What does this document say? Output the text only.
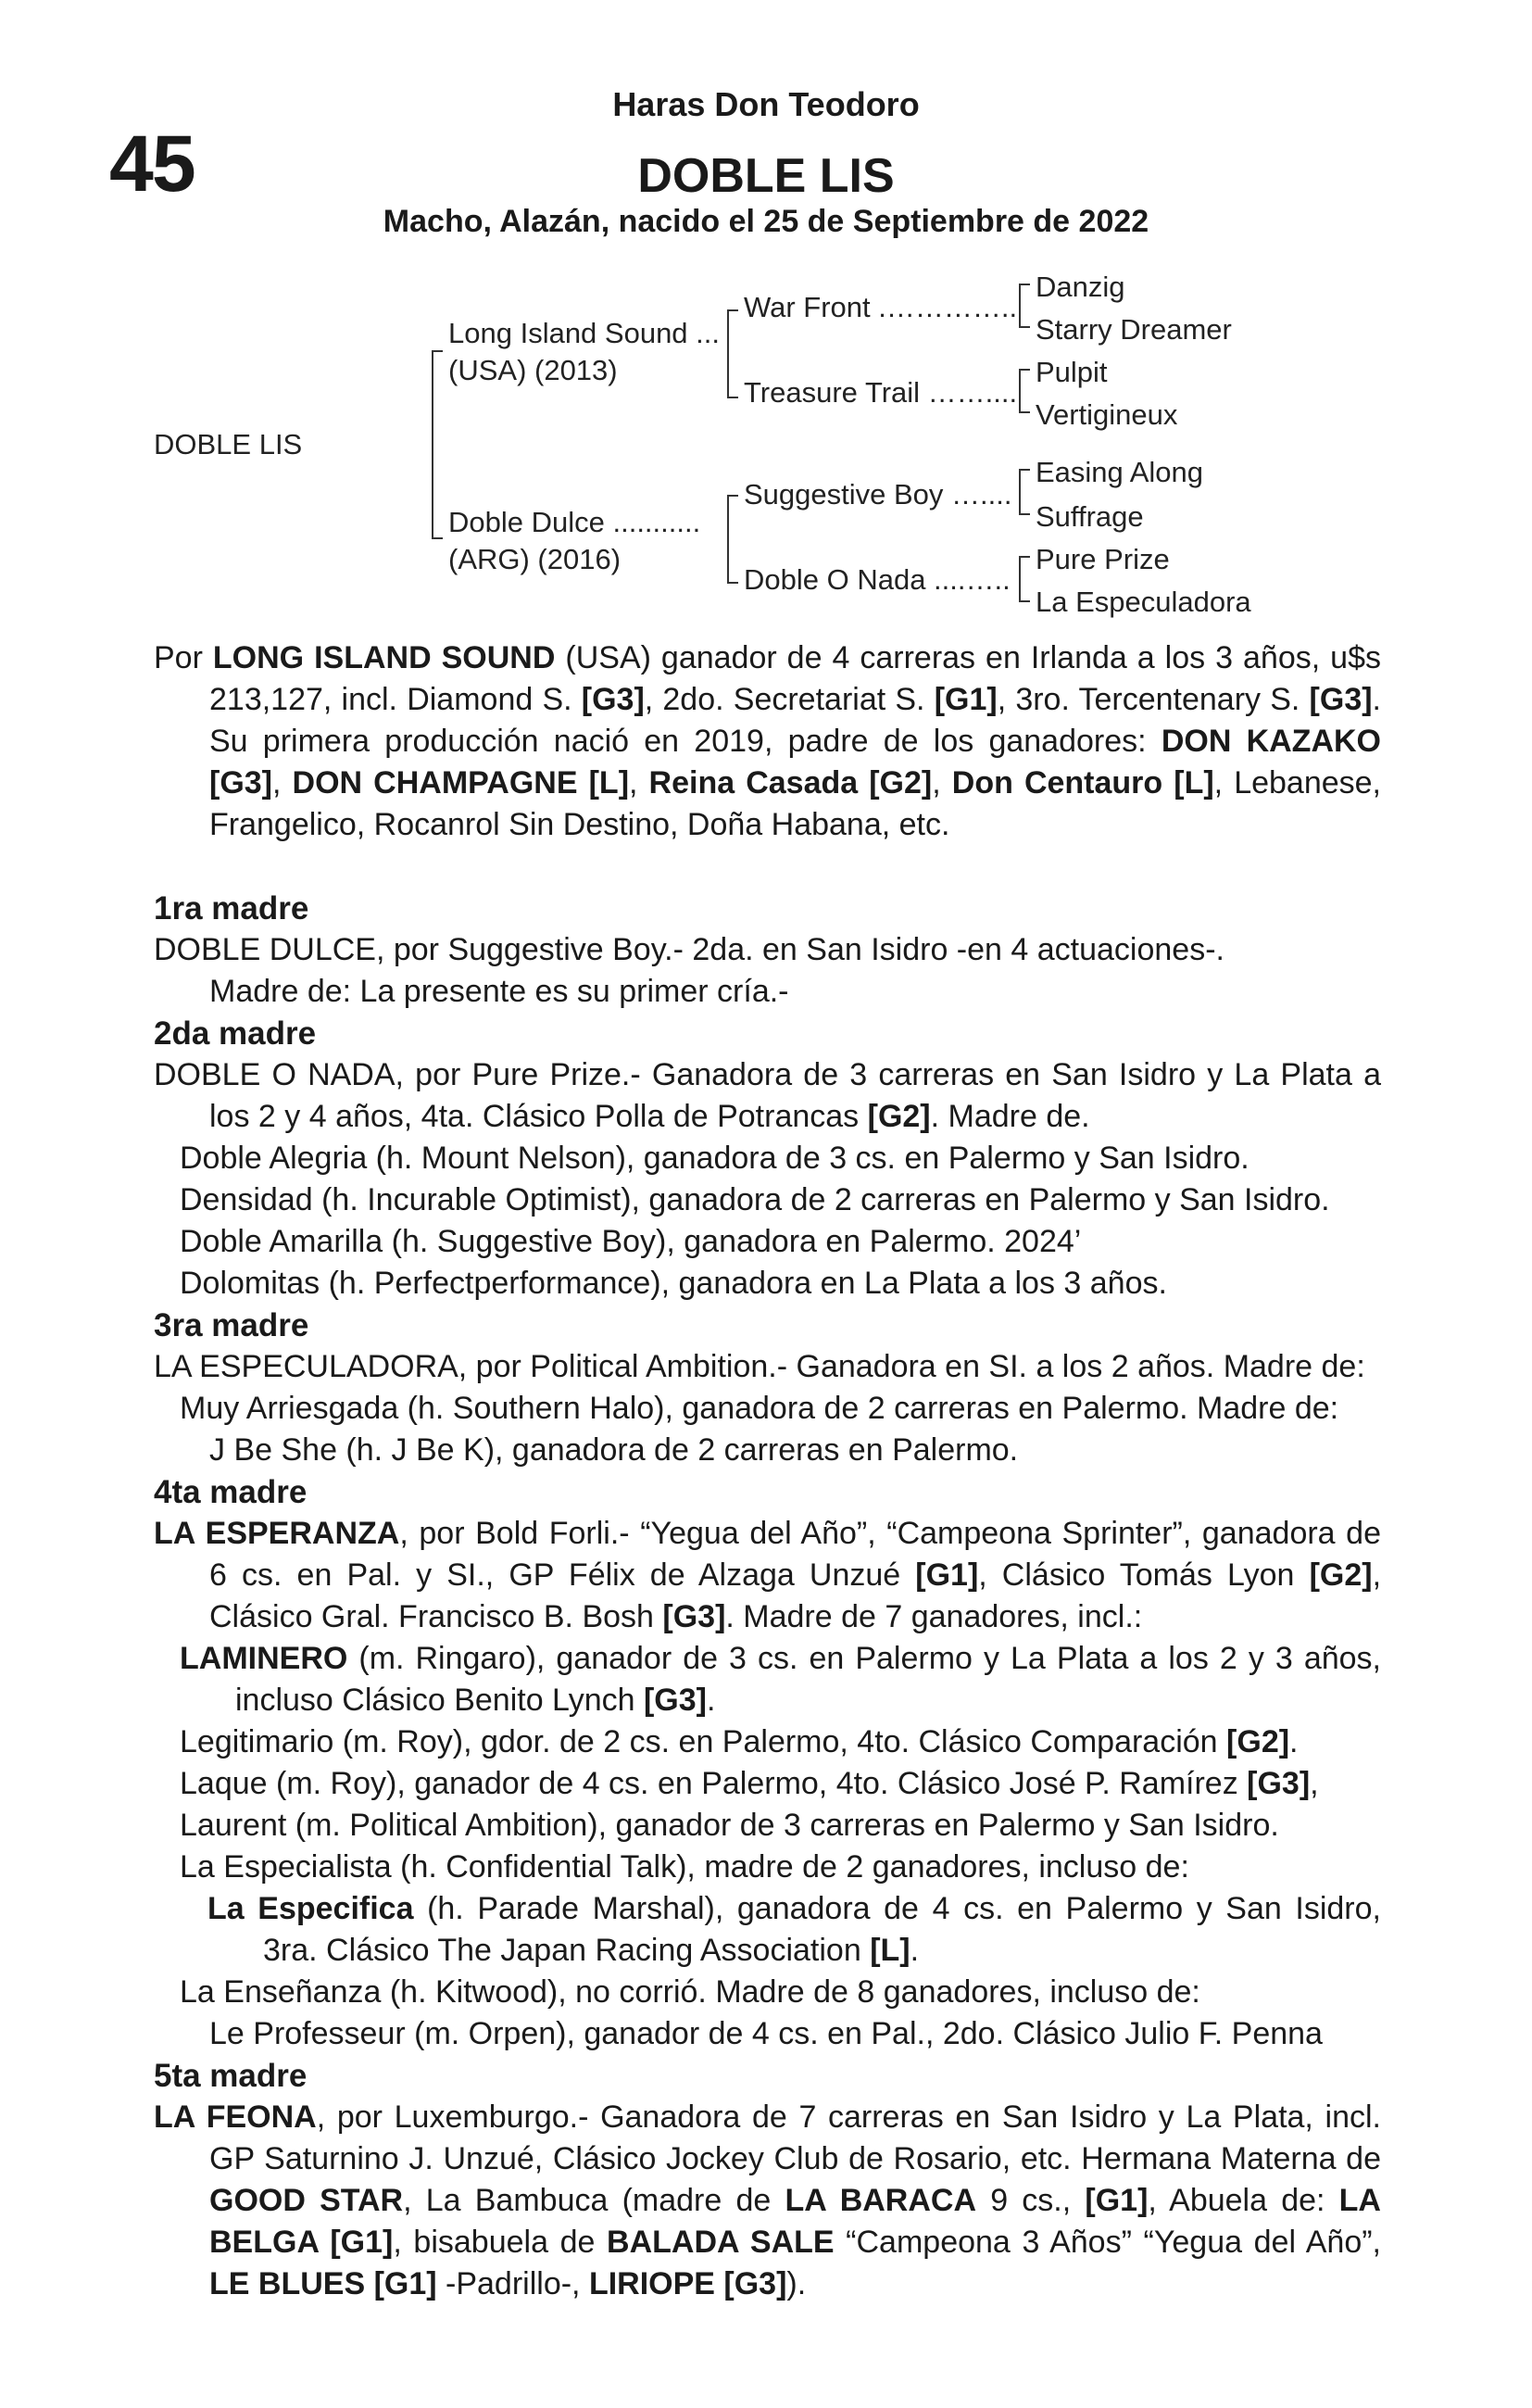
45
Haras Don Teodoro
DOBLE LIS
Macho, Alazán, nacido el 25 de Septiembre de 2022
DOBLE LIS
Long Island Sound ...
(USA) (2013)
Doble Dulce ...........
(ARG) (2016)
War Front .…………..
Treasure Trail ……....
Suggestive Boy …....
Doble O Nada ....…..
Danzig
Starry Dreamer
Pulpit
Vertigineux
Easing Along
Suffrage
Pure Prize
La Especuladora

Por LONG ISLAND SOUND (USA) ganador de 4 carreras en Irlanda a los 3 años, u$s 213,127, incl. Diamond S. [G3], 2do. Secretariat S. [G1], 3ro. Tercentenary S. [G3]. Su primera producción nació en 2019, padre de los ganadores: DON KAZAKO [G3], DON CHAMPAGNE [L], Reina Casada [G2], Don Centauro [L], Lebanese, Frangelico, Rocanrol Sin Destino, Doña Habana, etc.

1ra madre

DOBLE DULCE, por Suggestive Boy.- 2da. en San Isidro -en 4 actuaciones-.

Madre de: La presente es su primer cría.-

2da madre

DOBLE O NADA, por Pure Prize.- Ganadora de 3 carreras en San Isidro y La Plata a los 2 y 4 años, 4ta. Clásico Polla de Potrancas [G2]. Madre de.

Doble Alegria (h. Mount Nelson), ganadora de 3 cs. en Palermo y San Isidro.

Densidad (h. Incurable Optimist), ganadora de 2 carreras en Palermo y San Isidro.

Doble Amarilla (h. Suggestive Boy), ganadora en Palermo. 2024’

Dolomitas (h. Perfectperformance), ganadora en La Plata a los 3 años.

3ra madre

LA ESPECULADORA, por Political Ambition.- Ganadora en SI. a los 2 años. Madre de:

Muy Arriesgada (h. Southern Halo), ganadora de 2 carreras en Palermo. Madre de:

J Be She (h. J Be K), ganadora de 2 carreras en Palermo.

4ta madre

LA ESPERANZA, por Bold Forli.- “Yegua del Año”, “Campeona Sprinter”, ganadora de 6 cs. en Pal. y SI., GP Félix de Alzaga Unzué [G1], Clásico Tomás Lyon [G2], Clásico Gral. Francisco B. Bosh [G3]. Madre de 7 ganadores, incl.:

LAMINERO (m. Ringaro), ganador de 3 cs. en Palermo y La Plata a los 2 y 3 años, incluso Clásico Benito Lynch [G3].

Legitimario (m. Roy), gdor. de 2 cs. en Palermo, 4to. Clásico Comparación [G2].

Laque (m. Roy), ganador de 4 cs. en Palermo, 4to. Clásico José P. Ramírez [G3],

Laurent (m. Political Ambition), ganador de 3 carreras en Palermo y San Isidro.

La Especialista (h. Confidential Talk), madre de 2 ganadores, incluso de:

La Especifica (h. Parade Marshal), ganadora de 4 cs. en Palermo y San Isidro, 3ra. Clásico The Japan Racing Association [L].

La Enseñanza (h. Kitwood), no corrió. Madre de 8 ganadores, incluso de:

Le Professeur (m. Orpen), ganador de 4 cs. en Pal., 2do. Clásico Julio F. Penna

5ta madre

LA FEONA, por Luxemburgo.- Ganadora de 7 carreras en San Isidro y La Plata, incl. GP Saturnino J. Unzué, Clásico Jockey Club de Rosario, etc. Hermana Materna de GOOD STAR, La Bambuca (madre de LA BARACA 9 cs., [G1], Abuela de: LA BELGA [G1], bisabuela de BALADA SALE “Campeona 3 Años” “Yegua del Año”, LE BLUES [G1] -Padrillo-, LIRIOPE [G3]).
